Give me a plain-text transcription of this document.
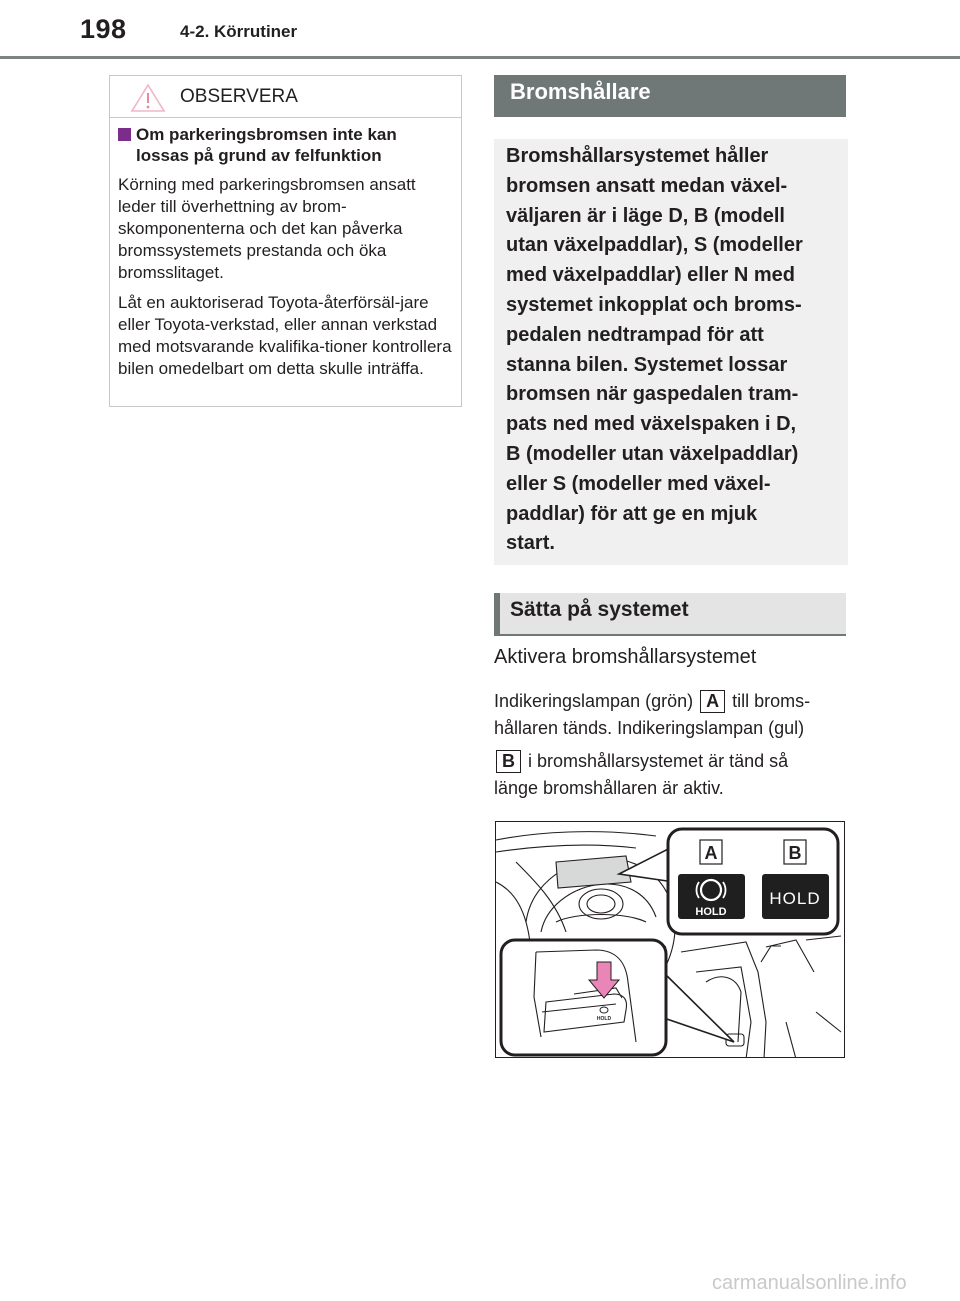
198	4-2. Körrutiner
OBSERVERA
Om parkeringsbromsen inte kan lossas på grund av felfunktion

Körning med parkeringsbromsen ansatt leder till överhettning av brom-skomponenterna och det kan påverka bromssystemets prestanda och öka bromsslitaget.

Låt en auktoriserad Toyota-återförsäl-jare eller Toyota-verkstad, eller annan verkstad med motsvarande kvalifika-tioner kontrollera bilen omedelbart om detta skulle inträffa.

Bromshållare
Bromshållarsystemet håller
bromsen ansatt medan växel-
väljaren är i läge D, B (modell
utan växelpaddlar), S (modeller
med växelpaddlar) eller N med
systemet inkopplat och broms-
pedalen nedtrampad för att
stanna bilen. Systemet lossar
bromsen när gaspedalen tram-
pats ned med växelspaken i D,
B (modeller utan växelpaddlar)
eller S (modeller med växel-
paddlar) för att ge en mjuk
start.
Sätta på systemet
Aktivera bromshållarsystemet
Indikeringslampan (grön) A till broms-
hållaren tänds. Indikeringslampan (gul)
B i bromshållarsystemet är tänd så
länge bromshållaren är aktiv.
A	B
HOLD
HOLD
HOLD
carmanualsonline.info
